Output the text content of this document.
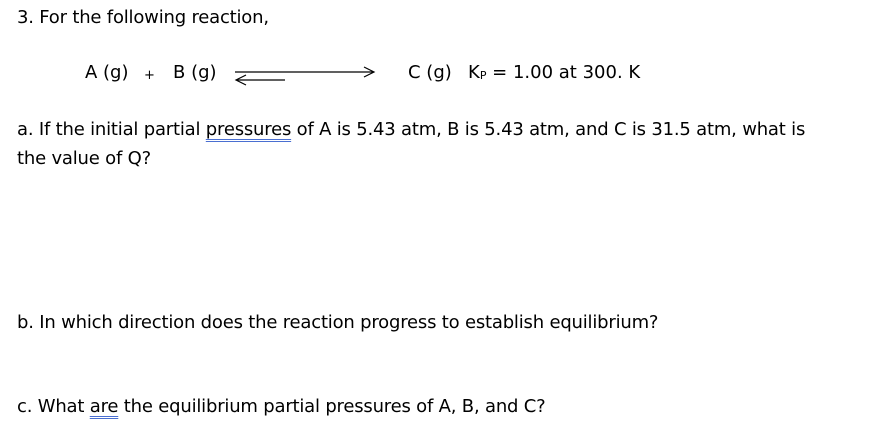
3. For the following reaction,
A (g) + B (g)	C (g) $K_P = 1.00$ at 300. K
a. If the initial partial pressures of A is 5.43 atm, B is 5.43 atm, and C is 31.5 atm, what is
the value of Q?
b. In which direction does the reaction progress to establish equilibrium?
c. What are the equilibrium partial pressures of A, B, and C?
